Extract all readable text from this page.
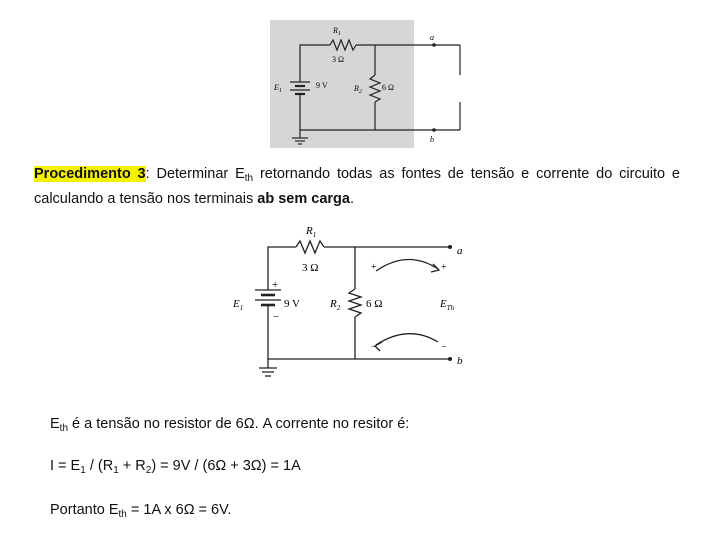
$R_1$
3 Ω
$E_1$
9 V	$R_2$	6 Ω
a
b
Procedimento 3: Determinar $E_{th}$ retornando todas as fontes de tensão e corrente do circuito e calculando a tensão nos terminais ab sem carga.
$R_1$
3 Ω
$E_1$	9 V
+
−
$R_2$ 6 Ω	$E_{Th}$
a
b
+
−
+
−
$E_{th}$ é a tensão no resistor de 6Ω. A corrente no resitor é:
$I = E_1 / (R_1 + R_2) = 9V / (6\Omega + 3\Omega) = 1A$
Portanto $E_{th} = 1A$ x 6Ω = 6V.
